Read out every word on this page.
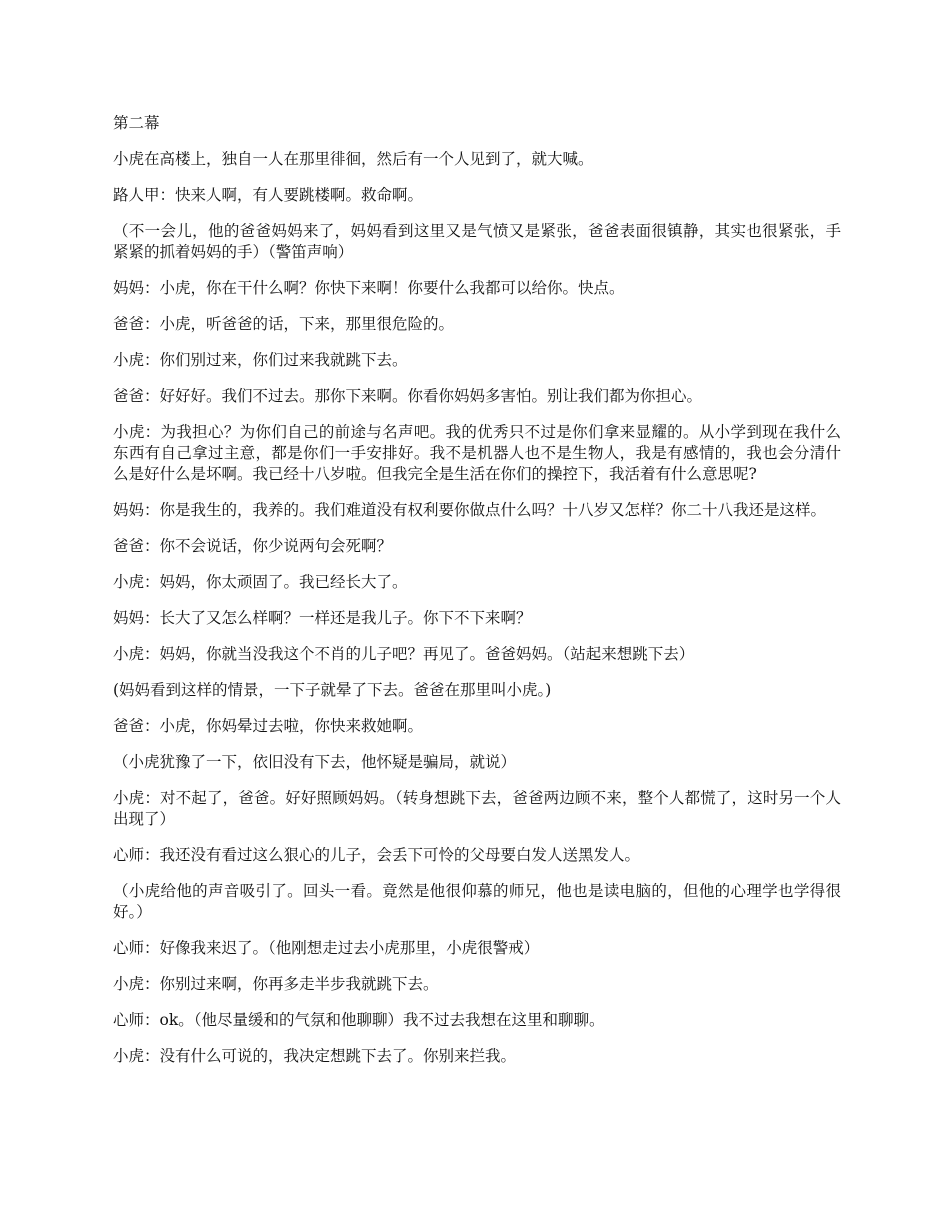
第二幕

小虎在高楼上，独自一人在那里徘徊，然后有一个人见到了，就大喊。

路人甲：快来人啊，有人要跳楼啊。救命啊。

（不一会儿，他的爸爸妈妈来了，妈妈看到这里又是气愤又是紧张，爸爸表面很镇静，其实也很紧张，手紧紧的抓着妈妈的手）（警笛声响）

妈妈：小虎，你在干什么啊？你快下来啊！你要什么我都可以给你。快点。

爸爸：小虎，听爸爸的话，下来，那里很危险的。

小虎：你们别过来，你们过来我就跳下去。

爸爸：好好好。我们不过去。那你下来啊。你看你妈妈多害怕。别让我们都为你担心。

小虎：为我担心？为你们自己的前途与名声吧。我的优秀只不过是你们拿来显耀的。从小学到现在我什么东西有自己拿过主意，都是你们一手安排好。我不是机器人也不是生物人，我是有感情的，我也会分清什么是好什么是坏啊。我已经十八岁啦。但我完全是生活在你们的操控下，我活着有什么意思呢?

妈妈：你是我生的，我养的。我们难道没有权利要你做点什么吗？十八岁又怎样？你二十八我还是这样。

爸爸：你不会说话，你少说两句会死啊？

小虎：妈妈，你太顽固了。我已经长大了。

妈妈：长大了又怎么样啊？一样还是我儿子。你下不下来啊？

小虎：妈妈，你就当没我这个不肖的儿子吧？再见了。爸爸妈妈。（站起来想跳下去）

(妈妈看到这样的情景，一下子就晕了下去。爸爸在那里叫小虎。)

爸爸：小虎，你妈晕过去啦，你快来救她啊。

（小虎犹豫了一下，依旧没有下去，他怀疑是骗局，就说）

小虎：对不起了，爸爸。好好照顾妈妈。（转身想跳下去，爸爸两边顾不来，整个人都慌了，这时另一个人出现了）

心师：我还没有看过这么狠心的儿子，会丢下可怜的父母要白发人送黑发人。

（小虎给他的声音吸引了。回头一看。竟然是他很仰慕的师兄，他也是读电脑的，但他的心理学也学得很好。）

心师：好像我来迟了。（他刚想走过去小虎那里，小虎很警戒）

小虎：你别过来啊，你再多走半步我就跳下去。

心师：ok。（他尽量缓和的气氛和他聊聊）我不过去我想在这里和聊聊。

小虎：没有什么可说的，我决定想跳下去了。你别来拦我。
